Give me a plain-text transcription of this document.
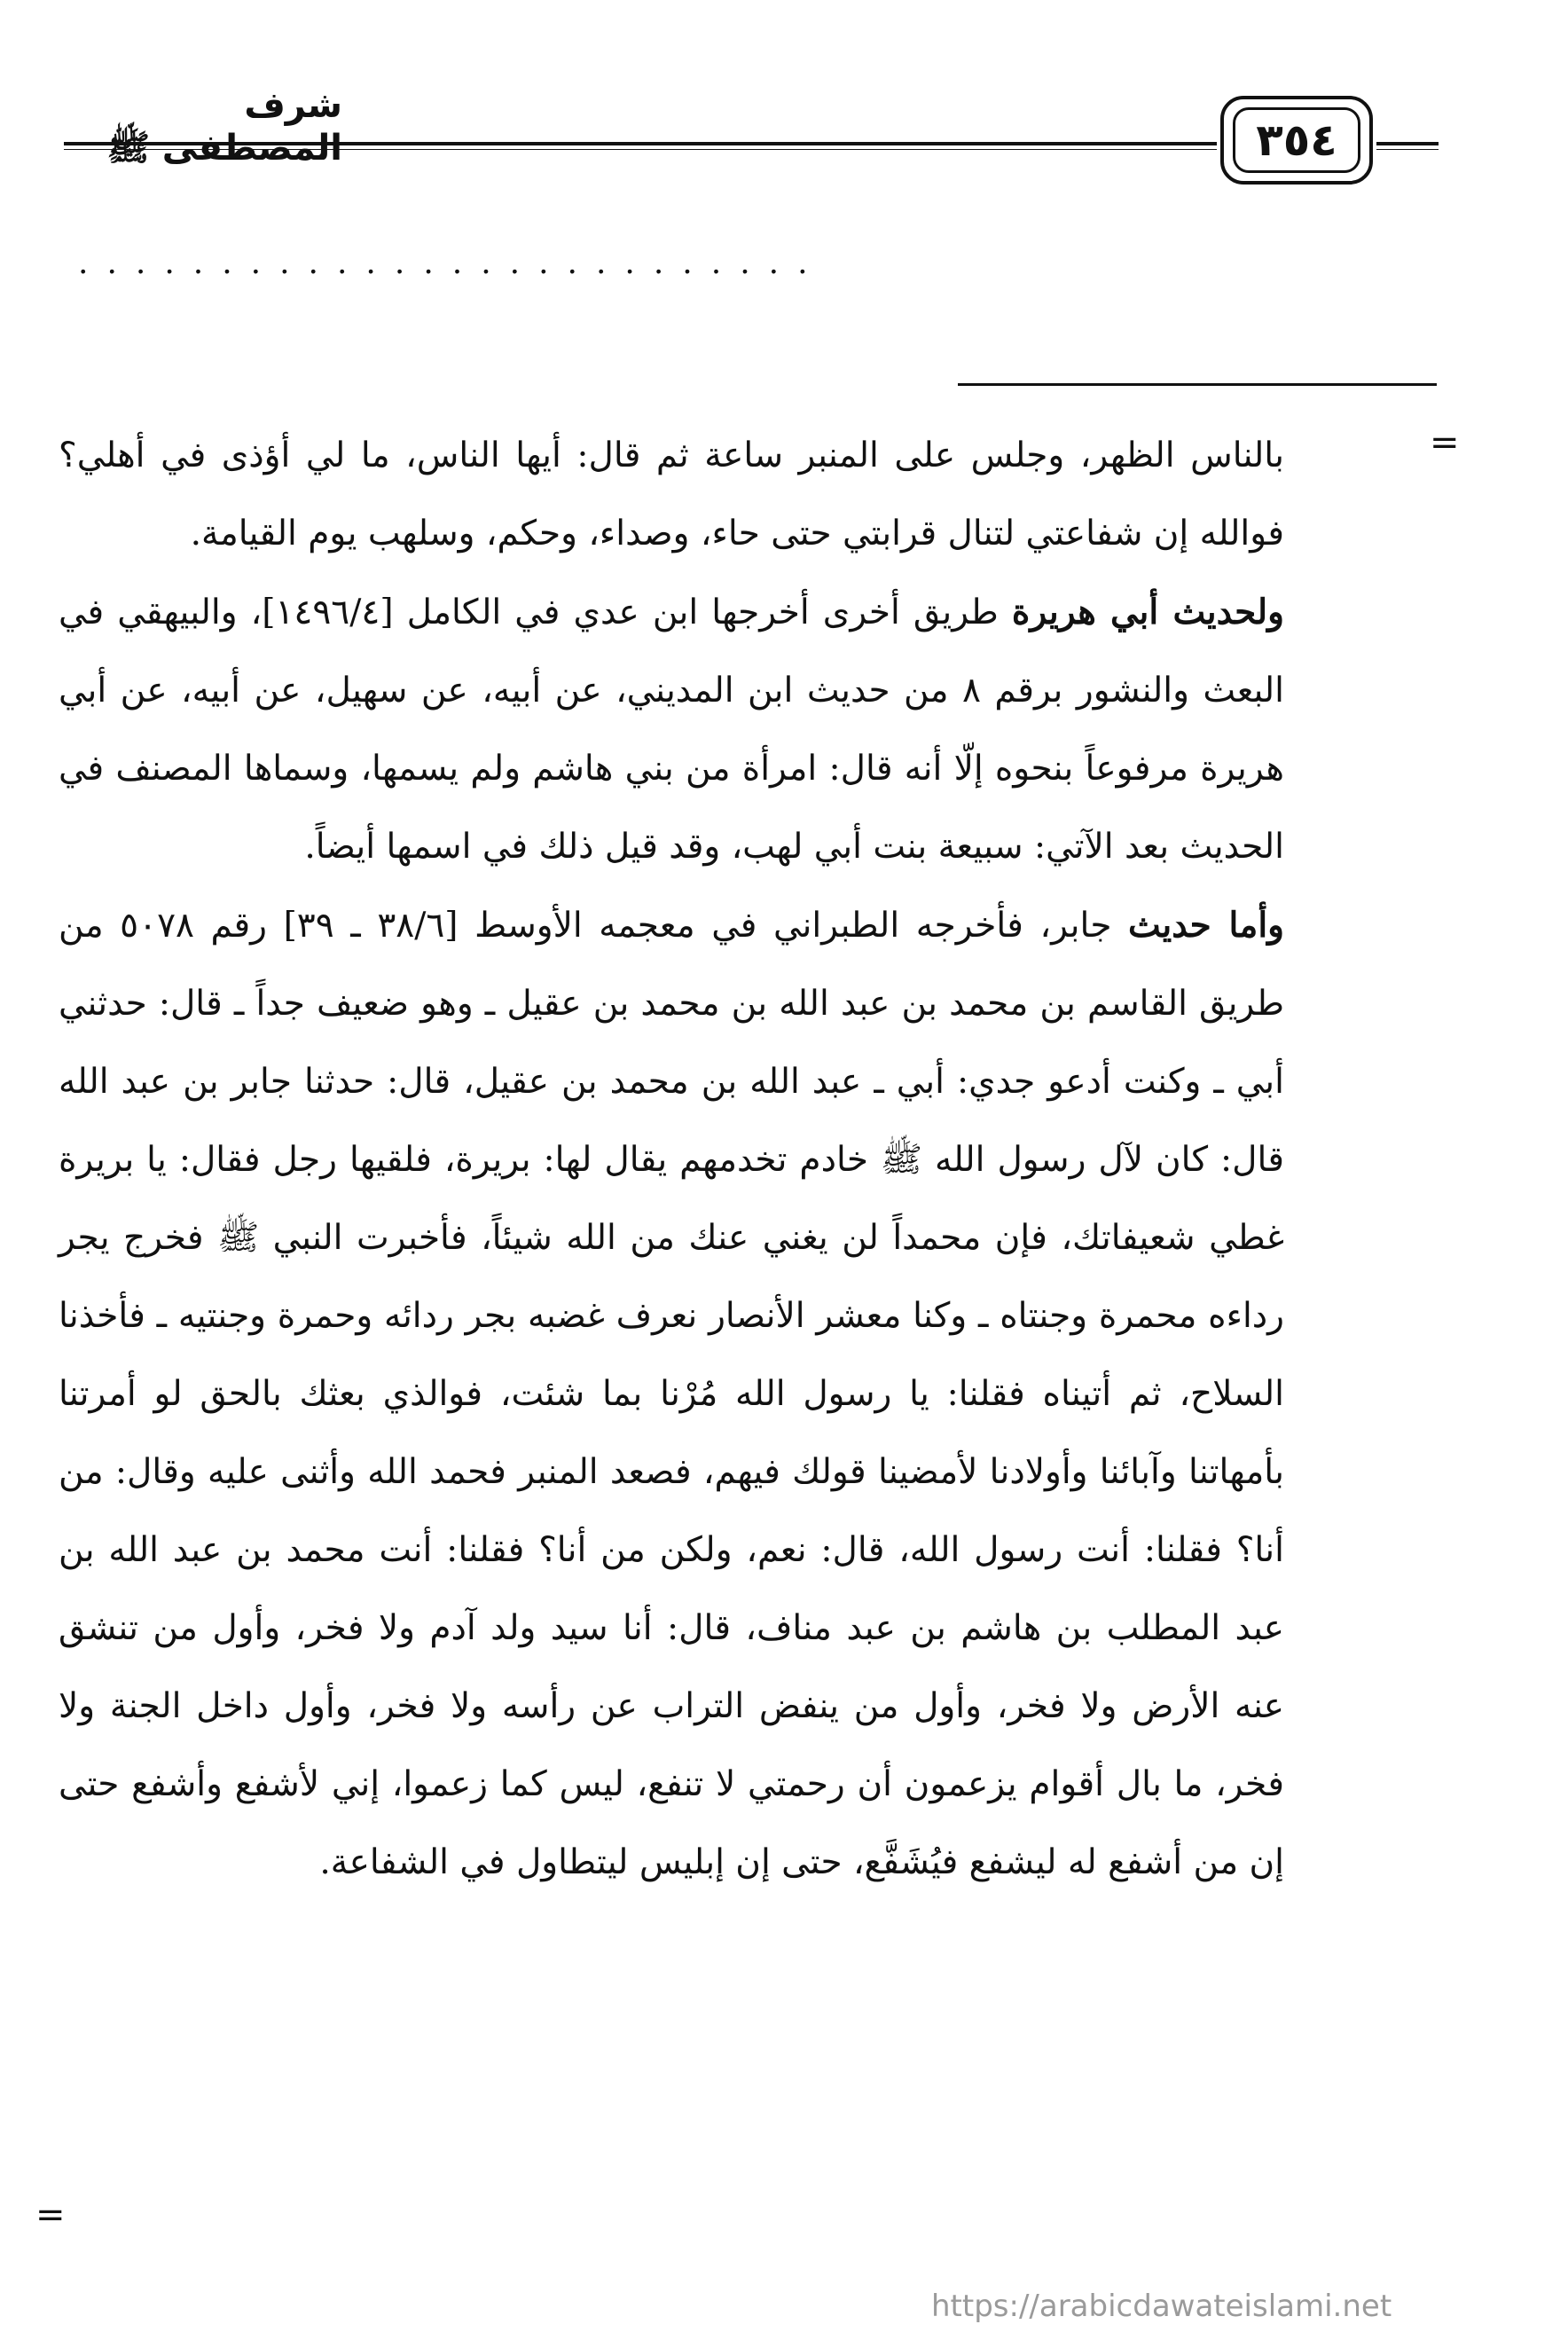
شرف المصطفى ﷺ	٣٥٤
..........................
=
=

بالناس الظهر، وجلس على المنبر ساعة ثم قال: أيها الناس، ما لي أؤذى في أهلي؟ فوالله إن شفاعتي لتنال قرابتي حتى حاء، وصداء، وحكم، وسلهب يوم القيامة.

ولحديث أبي هريرة طريق أخرى أخرجها ابن عدي في الكامل [١٤٩٦/٤]، والبيهقي في البعث والنشور برقم ٨ من حديث ابن المديني، عن أبيه، عن سهيل، عن أبيه، عن أبي هريرة مرفوعاً بنحوه إلّا أنه قال: امرأة من بني هاشم ولم يسمها، وسماها المصنف في الحديث بعد الآتي: سبيعة بنت أبي لهب، وقد قيل ذلك في اسمها أيضاً.

وأما حديث جابر، فأخرجه الطبراني في معجمه الأوسط [٣٨/٦ ـ ٣٩] رقم ٥٠٧٨ من طريق القاسم بن محمد بن عبد الله بن محمد بن عقيل ـ وهو ضعيف جداً ـ قال: حدثني أبي ـ وكنت أدعو جدي: أبي ـ عبد الله بن محمد بن عقيل، قال: حدثنا جابر بن عبد الله قال: كان لآل رسول الله ﷺ خادم تخدمهم يقال لها: بريرة، فلقيها رجل فقال: يا بريرة غطي شعيفاتك، فإن محمداً لن يغني عنك من الله شيئاً، فأخبرت النبي ﷺ فخرج يجر رداءه محمرة وجنتاه ـ وكنا معشر الأنصار نعرف غضبه بجر ردائه وحمرة وجنتيه ـ فأخذنا السلاح، ثم أتيناه فقلنا: يا رسول الله مُرْنا بما شئت، فوالذي بعثك بالحق لو أمرتنا بأمهاتنا وآبائنا وأولادنا لأمضينا قولك فيهم، فصعد المنبر فحمد الله وأثنى عليه وقال: من أنا؟ فقلنا: أنت رسول الله، قال: نعم، ولكن من أنا؟ فقلنا: أنت محمد بن عبد الله بن عبد المطلب بن هاشم بن عبد مناف، قال: أنا سيد ولد آدم ولا فخر، وأول من تنشق عنه الأرض ولا فخر، وأول من ينفض التراب عن رأسه ولا فخر، وأول داخل الجنة ولا فخر، ما بال أقوام يزعمون أن رحمتي لا تنفع، ليس كما زعموا، إني لأشفع وأشفع حتى إن من أشفع له ليشفع فيُشَفَّع، حتى إن إبليس ليتطاول في الشفاعة.

https://arabicdawateislami.net
